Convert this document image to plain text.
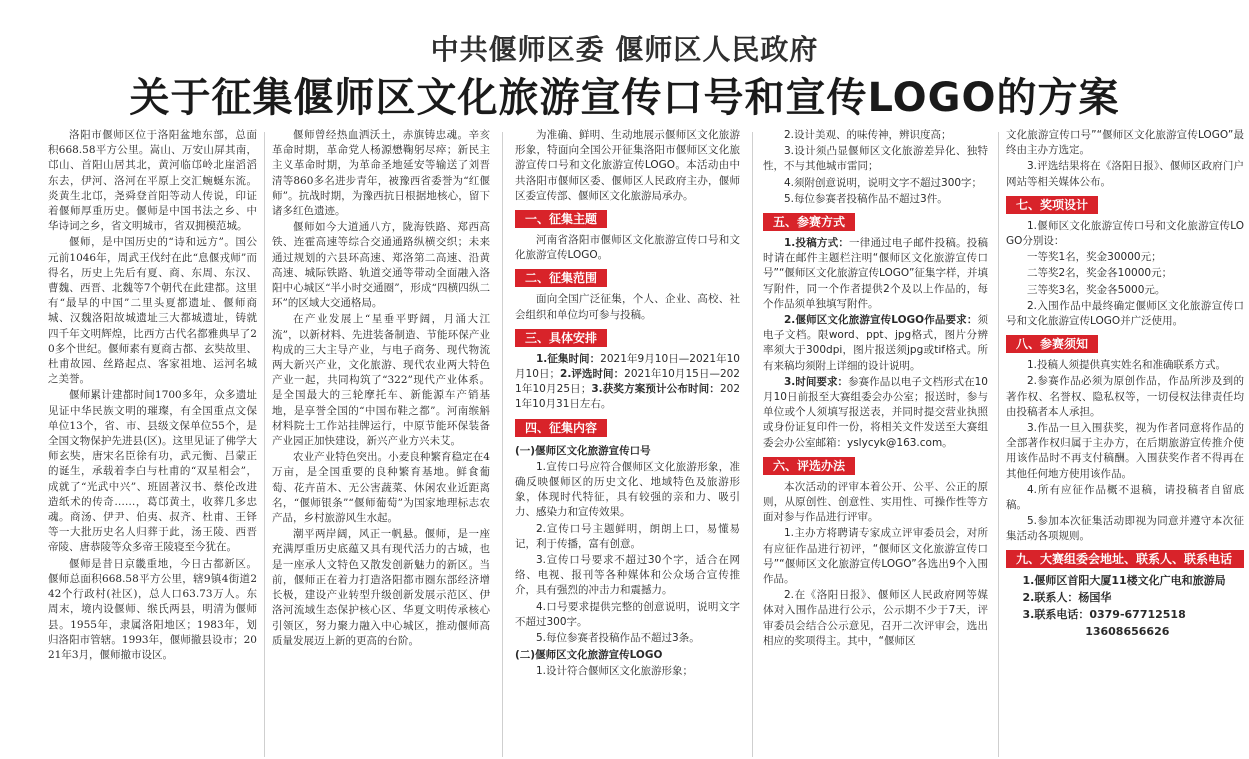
中共偃师区委 偃师区人民政府
关于征集偃师区文化旅游宣传口号和宣传LOGO的方案

洛阳市偃师区位于洛阳盆地东部，总面积668.58平方公里。嵩山、万安山屏其南，邙山、首阳山居其北，黄河临邙岭北崖滔滔东去，伊河、洛河在平原上交汇蜿蜒东流。炎黄生北邙，尧舜登首阳等动人传说，印证着偃师厚重历史。偃师是中国书法之乡、中华诗词之乡，省文明城市，省双拥模范城。

偃师，是中国历史的“诗和远方”。国公元前1046年，周武王伐纣在此“息偃戎师”而得名，历史上先后有夏、商、东周、东汉、曹魏、西晋、北魏等7个朝代在此建都。这里有“最早的中国”二里头夏都遗址、偃师商城、汉魏洛阳故城遗址三大都城遗址，铸就四千年文明辉煌，比西方古代名都雅典早了20多个世纪。偃师素有夏商古都、玄奘故里、杜甫故园、丝路起点、客家祖地、运河名城之美誉。

偃师累计建都时间1700多年，众多遗址见证中华民族文明的璀璨，有全国重点文保单位13个，省、市、县级文保单位55个，是全国文物保护先进县(区)。这里见证了佛学大师玄奘，唐宋名臣徐有功，武元衡、吕蒙正的诞生，承载着李白与杜甫的“双星相会”，成就了“光武中兴”、班固著汉书、蔡伦改进造纸术的传奇……，葛邙黄土，收葬几多忠魂。商汤、伊尹、伯夷、叔齐、杜甫、王铎等一大批历史名人归葬于此，汤王陵、西晋帝陵、唐恭陵等众多帝王陵寝至今犹在。

偃师是昔日京畿重地，今日古都新区。偃师总面积668.58平方公里，辖9镇4街道242个行政村(社区)，总人口63.73万人。东周末，境内设偃师、缑氏两县，明清为偃师县。1955年，隶属洛阳地区；1983年，划归洛阳市管辖。1993年，偃师撤县设市；2021年3月，偃师撤市设区。

偃师曾经热血洒沃土，赤旗铸忠魂。辛亥革命时期，革命党人杨源懋鞠躬尽瘁；新民主主义革命时期，为革命圣地延安等输送了刘晋清等860多名进步青年，被豫西省委誉为“红偃师”。抗战时期，为豫西抗日根据地核心，留下诸多红色遗迹。

偃师如今大道通八方，陇海铁路、郑西高铁、连霍高速等综合交通通路纵横交织；未来通过规划的六县环高速、郑洛第二高速、沿黄高速、城际铁路、轨道交通等带动全面融入洛阳中心城区“半小时交通圈”，形成“四横四纵二环”的区域大交通格局。

在产业发展上“星垂平野阔，月涌大江流”，以新材料、先进装备制造、节能环保产业构成的三大主导产业，与电子商务、现代物流两大新兴产业，文化旅游、现代农业两大特色产业一起，共同构筑了“322”现代产业体系。是全国最大的三轮摩托车、新能源车产销基地，是享誉全国的“中国布鞋之都”。河南缑斛材料院士工作站挂牌运行，中原节能环保装备产业园正加快建设，新兴产业方兴未艾。

农业产业特色突出。小麦良种繁育稳定在4万亩，是全国重要的良种繁育基地。鲜食葡萄、花卉苗木、无公害蔬菜、休闲农业近距离名，“偃师银条”“偃师葡萄”为国家地理标志农产品，乡村旅游风生水起。

潮平两岸阔，风正一帆悬。偃师，是一座充满厚重历史底蕴又具有现代活力的古城，也是一座承人文特色又散发创新魅力的新区。当前，偃师正在着力打造洛阳都市圈东部经济增长极，建设产业转型升级创新发展示范区、伊洛河流域生态保护核心区、华夏文明传承核心引领区，努力聚力融入中心城区，推动偃师高质量发展迈上新的更高的台阶。

为准确、鲜明、生动地展示偃师区文化旅游形象，特面向全国公开征集洛阳市偃师区文化旅游宣传口号和文化旅游宣传LOGO。本活动由中共洛阳市偃师区委、偃师区人民政府主办，偃师区委宣传部、偃师区文化旅游局承办。

一、征集主题

河南省洛阳市偃师区文化旅游宣传口号和文化旅游宣传LOGO。

二、征集范围

面向全国广泛征集，个人、企业、高校、社会组织和单位均可参与投稿。

三、具体安排

1.征集时间：2021年9月10日—2021年10月10日；2.评选时间：2021年10月15日—2021年10月25日；3.获奖方案预计公布时间：2021年10月31日左右。

四、征集内容

(一)偃师区文化旅游宣传口号

1.宣传口号应符合偃师区文化旅游形象，准确反映偃师区的历史文化、地域特色及旅游形象，体现时代特征，具有较强的亲和力、吸引力、感染力和宣传效果。

2.宣传口号主题鲜明，朗朗上口，易懂易记，利于传播，富有创意。

3.宣传口号要求不超过30个字，适合在网络、电视、报刊等各种媒体和公众场合宣传推介，具有强烈的冲击力和震撼力。

4.口号要求提供完整的创意说明，说明文字不超过300字。

5.每位参赛者投稿作品不超过3条。

(二)偃师区文化旅游宣传LOGO

1.设计符合偃师区文化旅游形象；

2.设计美观、的味传神，辨识度高；

3.设计须凸显偃师区文化旅游差异化、独特性，不与其他城市雷同；

4.须附创意说明，说明文字不超过300字；

5.每位参赛者投稿作品不超过3件。

五、参赛方式

1.投稿方式：一律通过电子邮件投稿。投稿时请在邮件主题栏注明“偃师区文化旅游宣传口号”“偃师区文化旅游宣传LOGO”征集字样，并填写附件，同一个作者提供2个及以上作品的，每个作品须单独填写附件。

2.偃师区文化旅游宣传LOGO作品要求：须电子文档。限word、ppt、jpg格式，图片分辨率须大于300dpi，图片报送须jpg或tif格式。所有来稿均须附上详细的设计说明。

3.时间要求：参赛作品以电子文档形式在10月10日前报至大赛组委会办公室；报送时，参与单位或个人须填写报送表，并同时提交营业执照或身份证复印件一份，将相关文件发送至大赛组委会办公室邮箱：yslycyk@163.com。

六、评选办法

本次活动的评审本着公开、公平、公正的原则，从原创性、创意性、实用性、可操作性等方面对参与作品进行评审。

1.主办方将聘请专家成立评审委员会，对所有应征作品进行初评，“偃师区文化旅游宣传口号”“偃师区文化旅游宣传LOGO”各选出9个入围作品。

2.在《洛阳日报》、偃师区人民政府网等媒体对入围作品进行公示，公示期不少于7天，评审委员会结合公示意见，召开二次评审会，选出相应的奖项得主。其中，“偃师区

文化旅游宣传口号”“偃师区文化旅游宣传LOGO”最终由主办方选定。

3.评选结果将在《洛阳日报》、偃师区政府门户网站等相关媒体公布。

七、奖项设计

1.偃师区文化旅游宣传口号和文化旅游宣传LOGO分别设：

一等奖1名，奖金30000元；

二等奖2名，奖金各10000元；

三等奖3名，奖金各5000元。

2.入围作品中最终确定偃师区文化旅游宣传口号和文化旅游宣传LOGO并广泛使用。

八、参赛须知

1.投稿人须提供真实姓名和准确联系方式。

2.参赛作品必须为原创作品，作品所涉及到的著作权、名誉权、隐私权等，一切侵权法律责任均由投稿者本人承担。

3.作品一旦入围获奖，视为作者同意将作品的全部著作权归属于主办方，在后期旅游宣传推介使用该作品时不再支付稿酬。入围获奖作者不得再在其他任何地方使用该作品。

4.所有应征作品概不退稿，请投稿者自留底稿。

5.参加本次征集活动即视为同意并遵守本次征集活动各项规则。

九、大赛组委会地址、联系人、联系电话

1.偃师区首阳大厦11楼文化广电和旅游局

2.联系人：杨国华

3.联系电话：0379-67712518

13608656626
